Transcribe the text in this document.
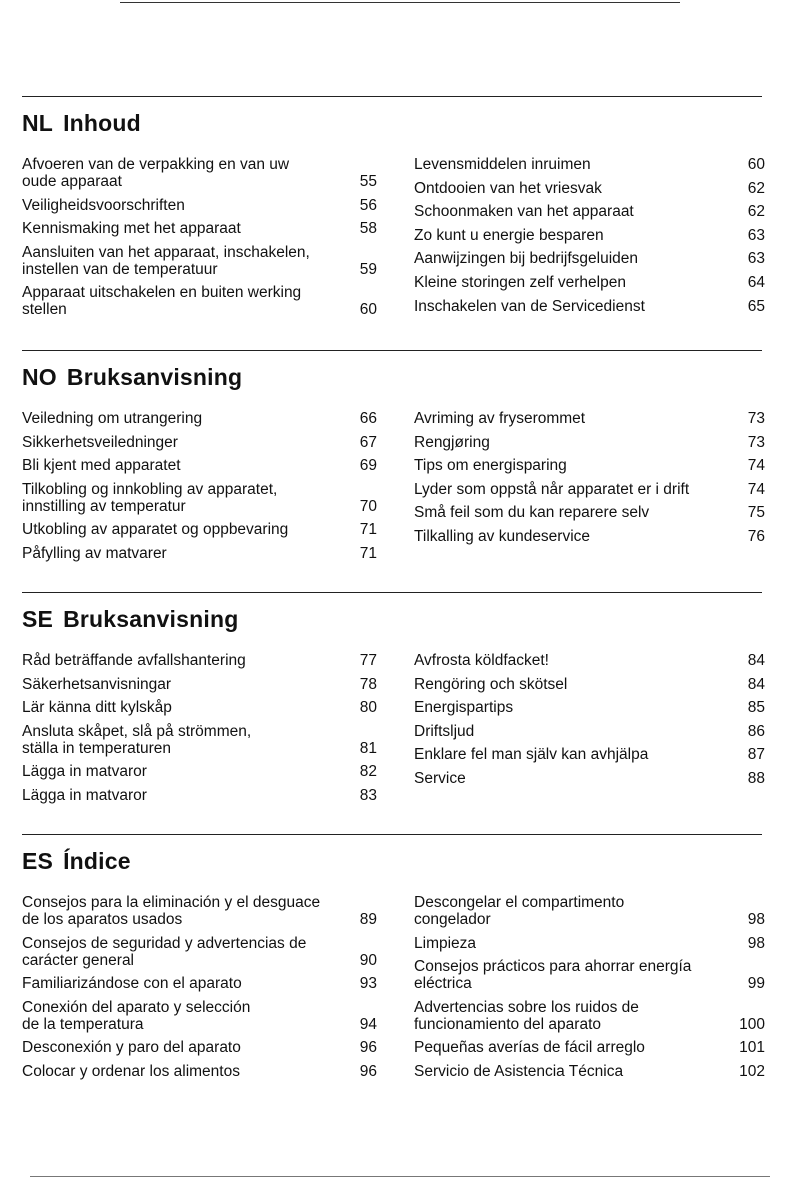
NL Inhoud
Afvoeren van de verpakking en van uw
oude apparaat	55
Veiligheidsvoorschriften	56
Kennismaking met het apparaat	58
Aansluiten van het apparaat, inschakelen,
instellen van de temperatuur	59
Apparaat uitschakelen en buiten werking
stellen	60
Levensmiddelen inruimen	60
Ontdooien van het vriesvak	62
Schoonmaken van het apparaat	62
Zo kunt u energie besparen	63
Aanwijzingen bij bedrijfsgeluiden	63
Kleine storingen zelf verhelpen	64
Inschakelen van de Servicedienst	65
NO Bruksanvisning
Veiledning om utrangering	66
Sikkerhetsveiledninger	67
Bli kjent med apparatet	69
Tilkobling og innkobling av apparatet,
innstilling av temperatur	70
Utkobling av apparatet og oppbevaring	71
Påfylling av matvarer	71
Avriming av fryserommet	73
Rengjøring	73
Tips om energisparing	74
Lyder som oppstå når apparatet er i drift	74
Små feil som du kan reparere selv	75
Tilkalling av kundeservice	76
SE Bruksanvisning
Råd beträffande avfallshantering	77
Säkerhetsanvisningar	78
Lär känna ditt kylskåp	80
Ansluta skåpet, slå på strömmen,
ställa in temperaturen	81
Lägga in matvaror	82
Lägga in matvaror	83
Avfrosta köldfacket!	84
Rengöring och skötsel	84
Energispartips	85
Driftsljud	86
Enklare fel man själv kan avhjälpa	87
Service	88
ES Índice
Consejos para la eliminación y el desguace
de los aparatos usados	89
Consejos de seguridad y advertencias de
carácter general	90
Familiarizándose con el aparato	93
Conexión del aparato y selección
de la temperatura	94
Desconexión y paro del aparato	96
Colocar y ordenar los alimentos	96
Descongelar el compartimento
congelador	98
Limpieza	98
Consejos prácticos para ahorrar energía
eléctrica	99
Advertencias sobre los ruidos de
funcionamiento del aparato	100
Pequeñas averías de fácil arreglo	101
Servicio de Asistencia Técnica	102
